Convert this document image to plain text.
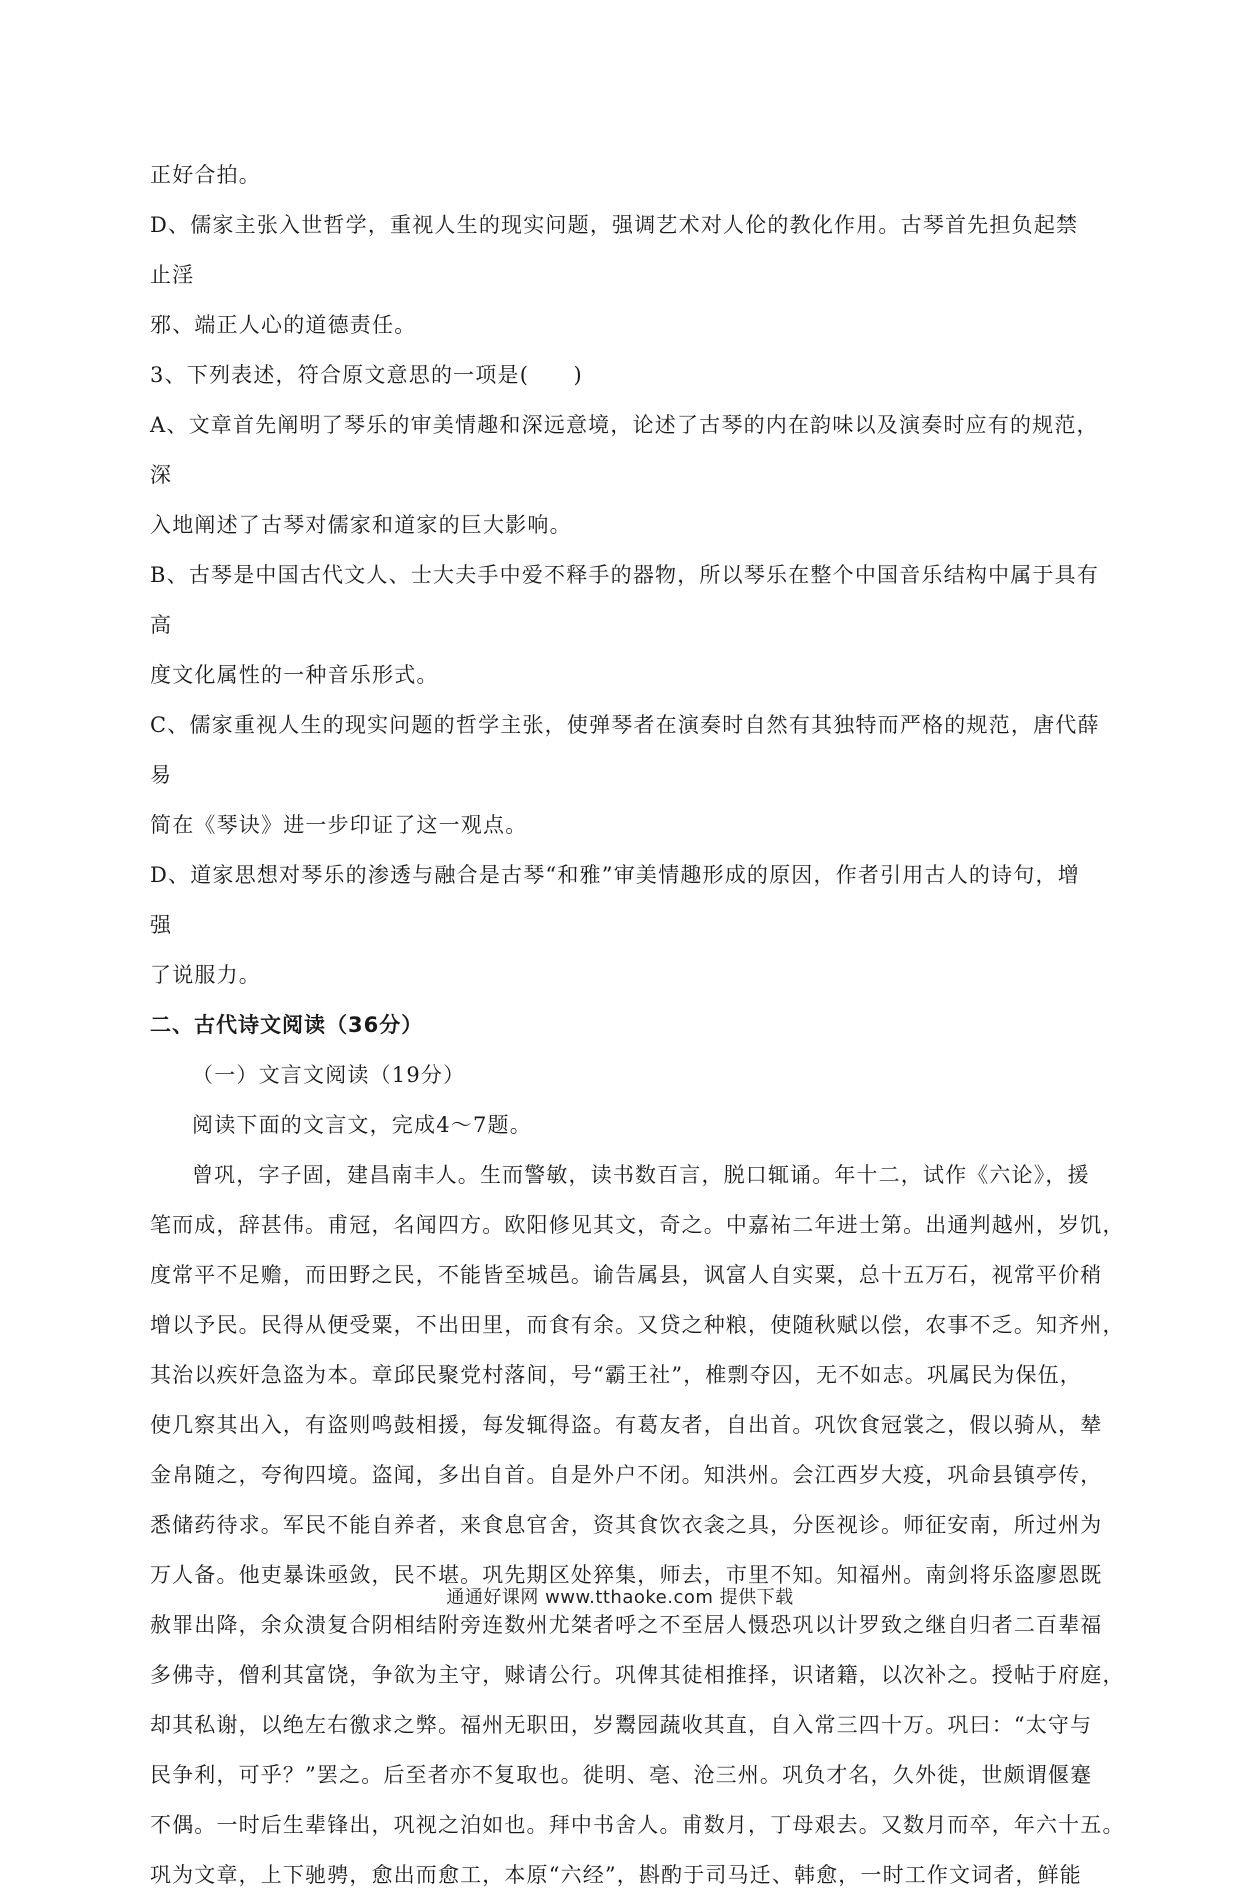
正好合拍。

D、儒家主张入世哲学，重视人生的现实问题，强调艺术对人伦的教化作用。古琴首先担负起禁止淫

邪、端正人心的道德责任。

3、下列表述，符合原文意思的一项是(　　)

A、文章首先阐明了琴乐的审美情趣和深远意境，论述了古琴的内在韵味以及演奏时应有的规范，深

入地阐述了古琴对儒家和道家的巨大影响。

B、古琴是中国古代文人、士大夫手中爱不释手的器物，所以琴乐在整个中国音乐结构中属于具有高

度文化属性的一种音乐形式。

C、儒家重视人生的现实问题的哲学主张，使弹琴者在演奏时自然有其独特而严格的规范，唐代薛易

简在《琴诀》进一步印证了这一观点。

D、道家思想对琴乐的渗透与融合是古琴“和雅”审美情趣形成的原因，作者引用古人的诗句，增强

了说服力。

二、古代诗文阅读（36分）

（一）文言文阅读（19分）

阅读下面的文言文，完成4～7题。

曾巩，字子固，建昌南丰人。生而警敏，读书数百言，脱口辄诵。年十二，试作《六论》，援
笔而成，辞甚伟。甫冠，名闻四方。欧阳修见其文，奇之。中嘉祐二年进士第。出通判越州，岁饥，
度常平不足赡，而田野之民，不能皆至城邑。谕告属县，讽富人自实粟，总十五万石，视常平价稍
增以予民。民得从便受粟，不出田里，而食有余。又贷之种粮，使随秋赋以偿，农事不乏。知齐州，
其治以疾奸急盗为本。章邱民聚党村落间，号“霸王社”，椎剽夺囚，无不如志。巩属民为保伍，
使几察其出入，有盗则鸣鼓相援，每发辄得盗。有葛友者，自出首。巩饮食冠裳之，假以骑从，辇
金帛随之，夸徇四境。盗闻，多出自首。自是外户不闭。知洪州。会江西岁大疫，巩命县镇亭传，
悉储药待求。军民不能自养者，来食息官舍，资其食饮衣衾之具，分医视诊。师征安南，所过州为
万人备。他吏暴诛亟敛，民不堪。巩先期区处猝集，师去，市里不知。知福州。南剑将乐盗廖恩既
赦罪出降，余众溃复合阴相结附旁连数州尤桀者呼之不至居人慑恐巩以计罗致之继自归者二百辈福
多佛寺，僧利其富饶，争欲为主守，赇请公行。巩俾其徒相推择，识诸籍，以次补之。授帖于府庭，
却其私谢，以绝左右徼求之弊。福州无职田，岁鬻园蔬收其直，自入常三四十万。巩曰：“太守与
民争利，可乎？”罢之。后至者亦不复取也。徙明、亳、沧三州。巩负才名，久外徙，世颇谓偃蹇
不偶。一时后生辈锋出，巩视之泊如也。拜中书舍人。甫数月，丁母艰去。又数月而卒，年六十五。
巩为文章，上下驰骋，愈出而愈工，本原“六经”，斟酌于司马迁、韩愈，一时工作文词者，鲜能
通通好课网 www.tthaoke.com 提供下载
